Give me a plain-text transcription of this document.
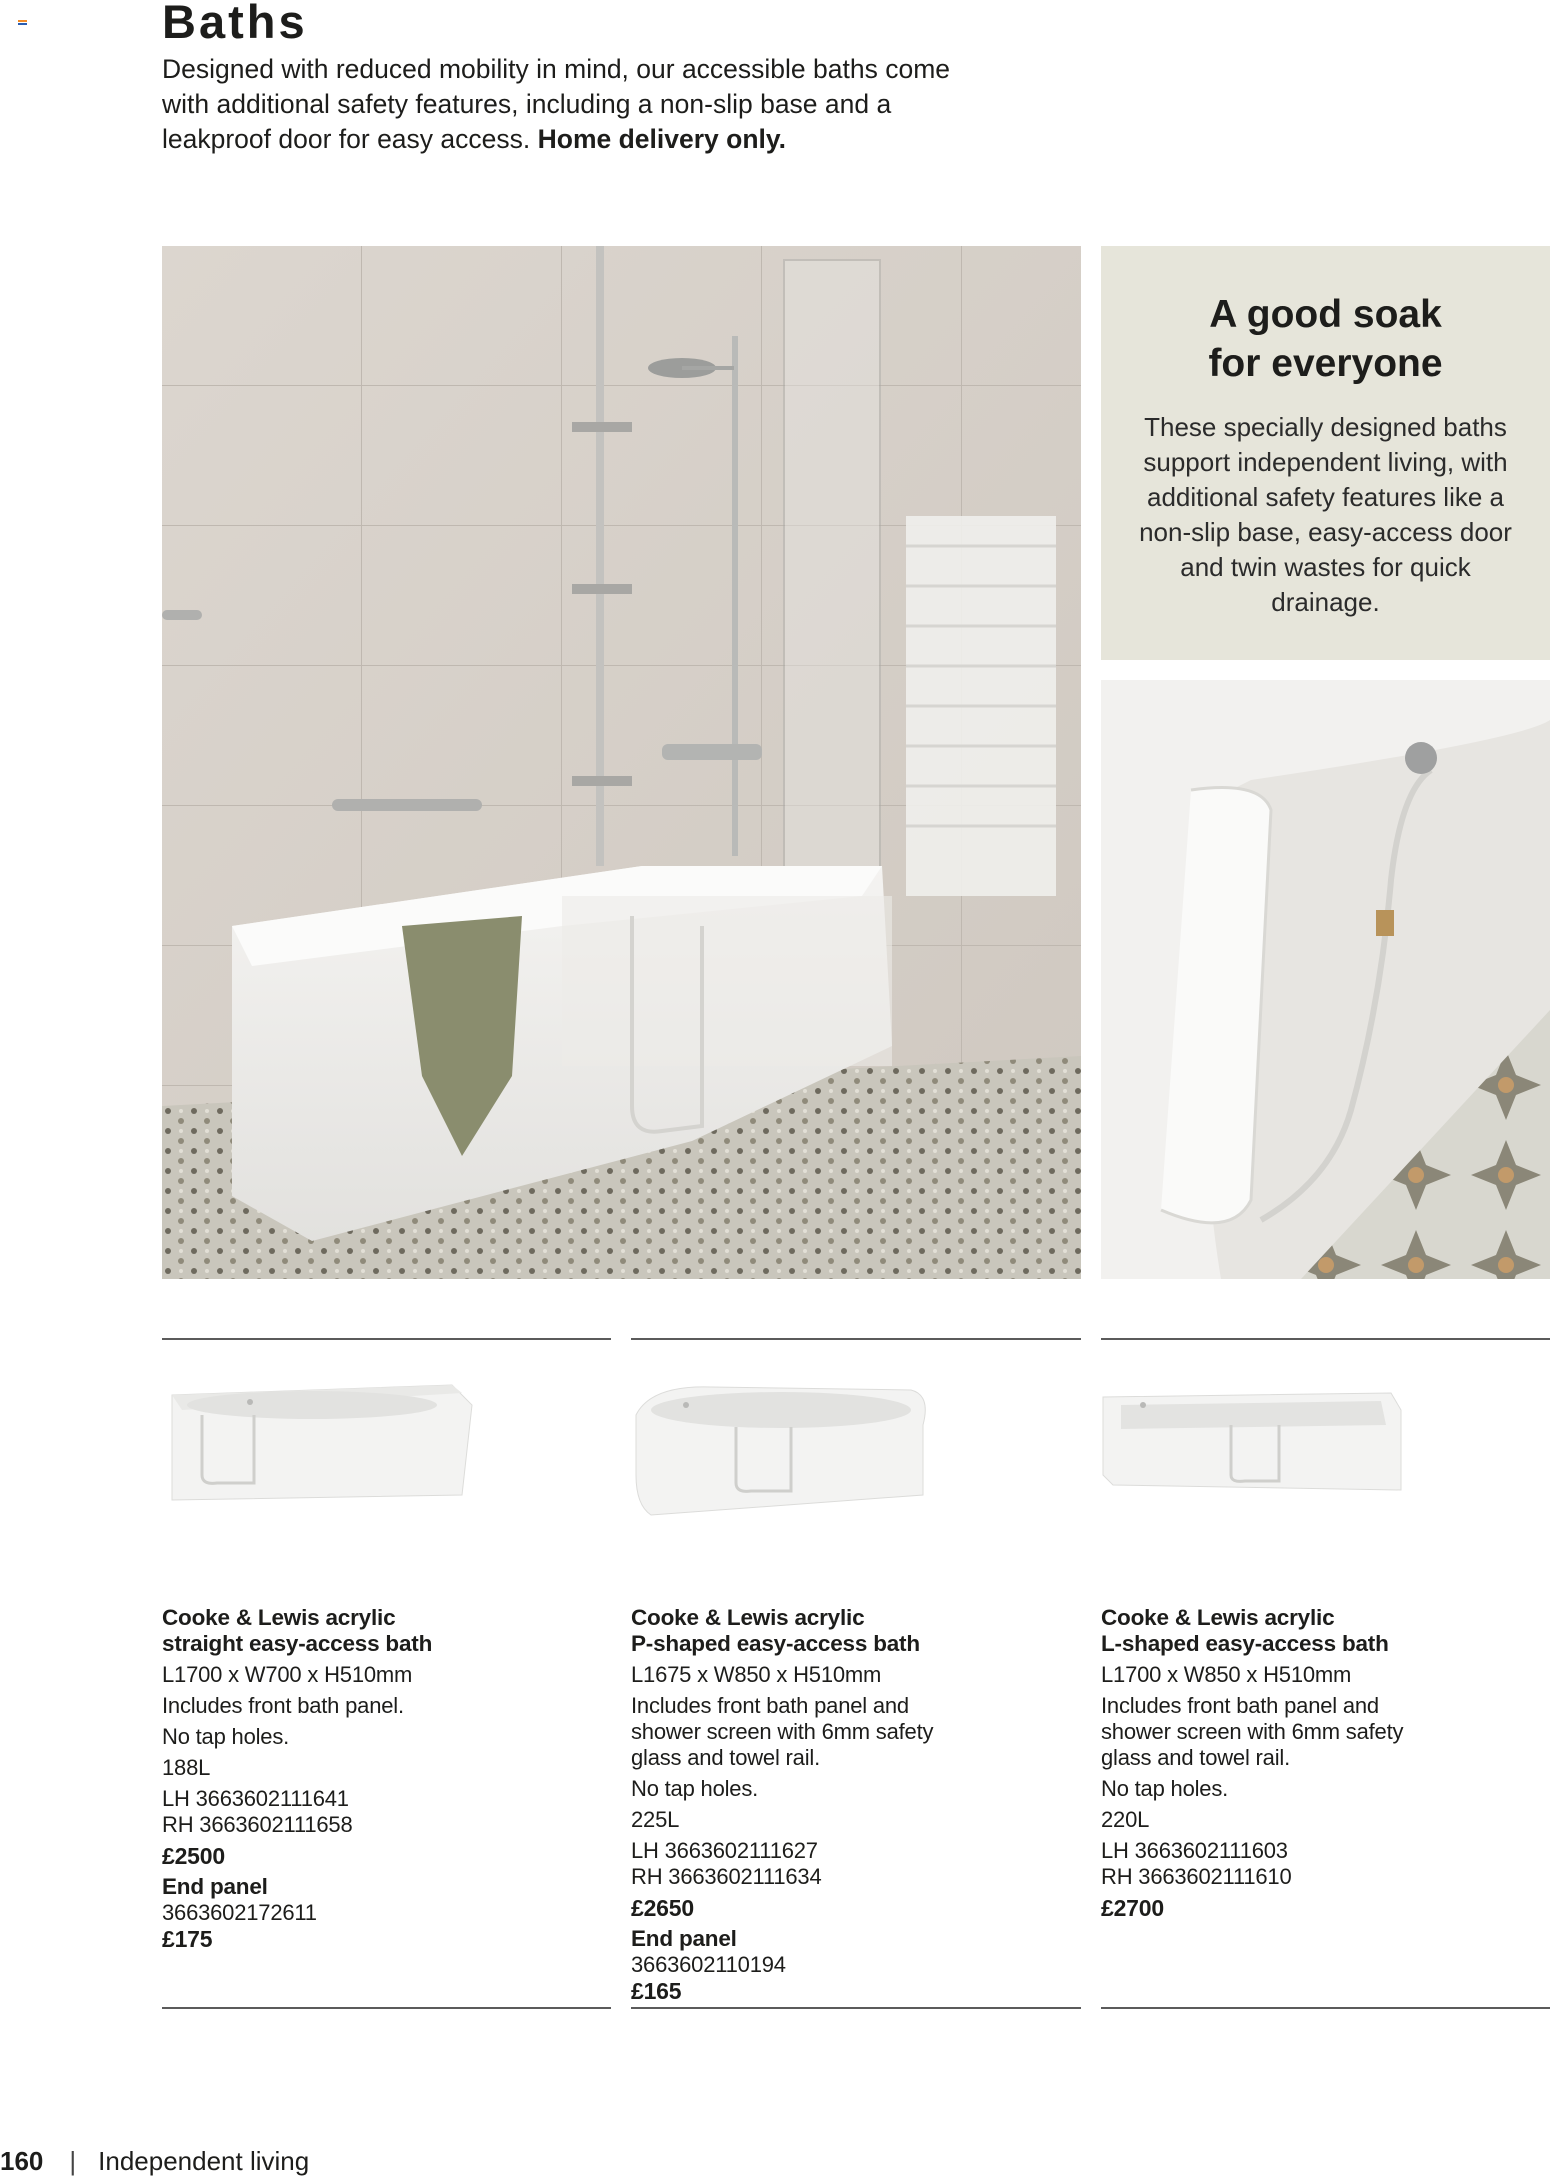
Baths

Designed with reduced mobility in mind, our accessible baths come with additional safety features, including a non-slip base and a leakproof door for easy access. Home delivery only.

A good soak
for everyone

These specially designed baths support independent living, with additional safety features like a non-slip base, easy-access door and twin wastes for quick drainage.

Cooke & Lewis acrylic
straight easy-access bath
L1700 x W700 x H510mm
Includes front bath panel.
No tap holes.
188L
LH 3663602111641
RH 3663602111658
£2500
End panel
3663602172611
£175
Cooke & Lewis acrylic
P-shaped easy-access bath
L1675 x W850 x H510mm
Includes front bath panel and shower screen with 6mm safety glass and towel rail.
No tap holes.
225L
LH 3663602111627
RH 3663602111634
£2650
End panel
3663602110194
£165
Cooke & Lewis acrylic
L-shaped easy-access bath
L1700 x W850 x H510mm
Includes front bath panel and shower screen with 6mm safety glass and towel rail.
No tap holes.
220L
LH 3663602111603
RH 3663602111610
£2700
160 | Independent living
